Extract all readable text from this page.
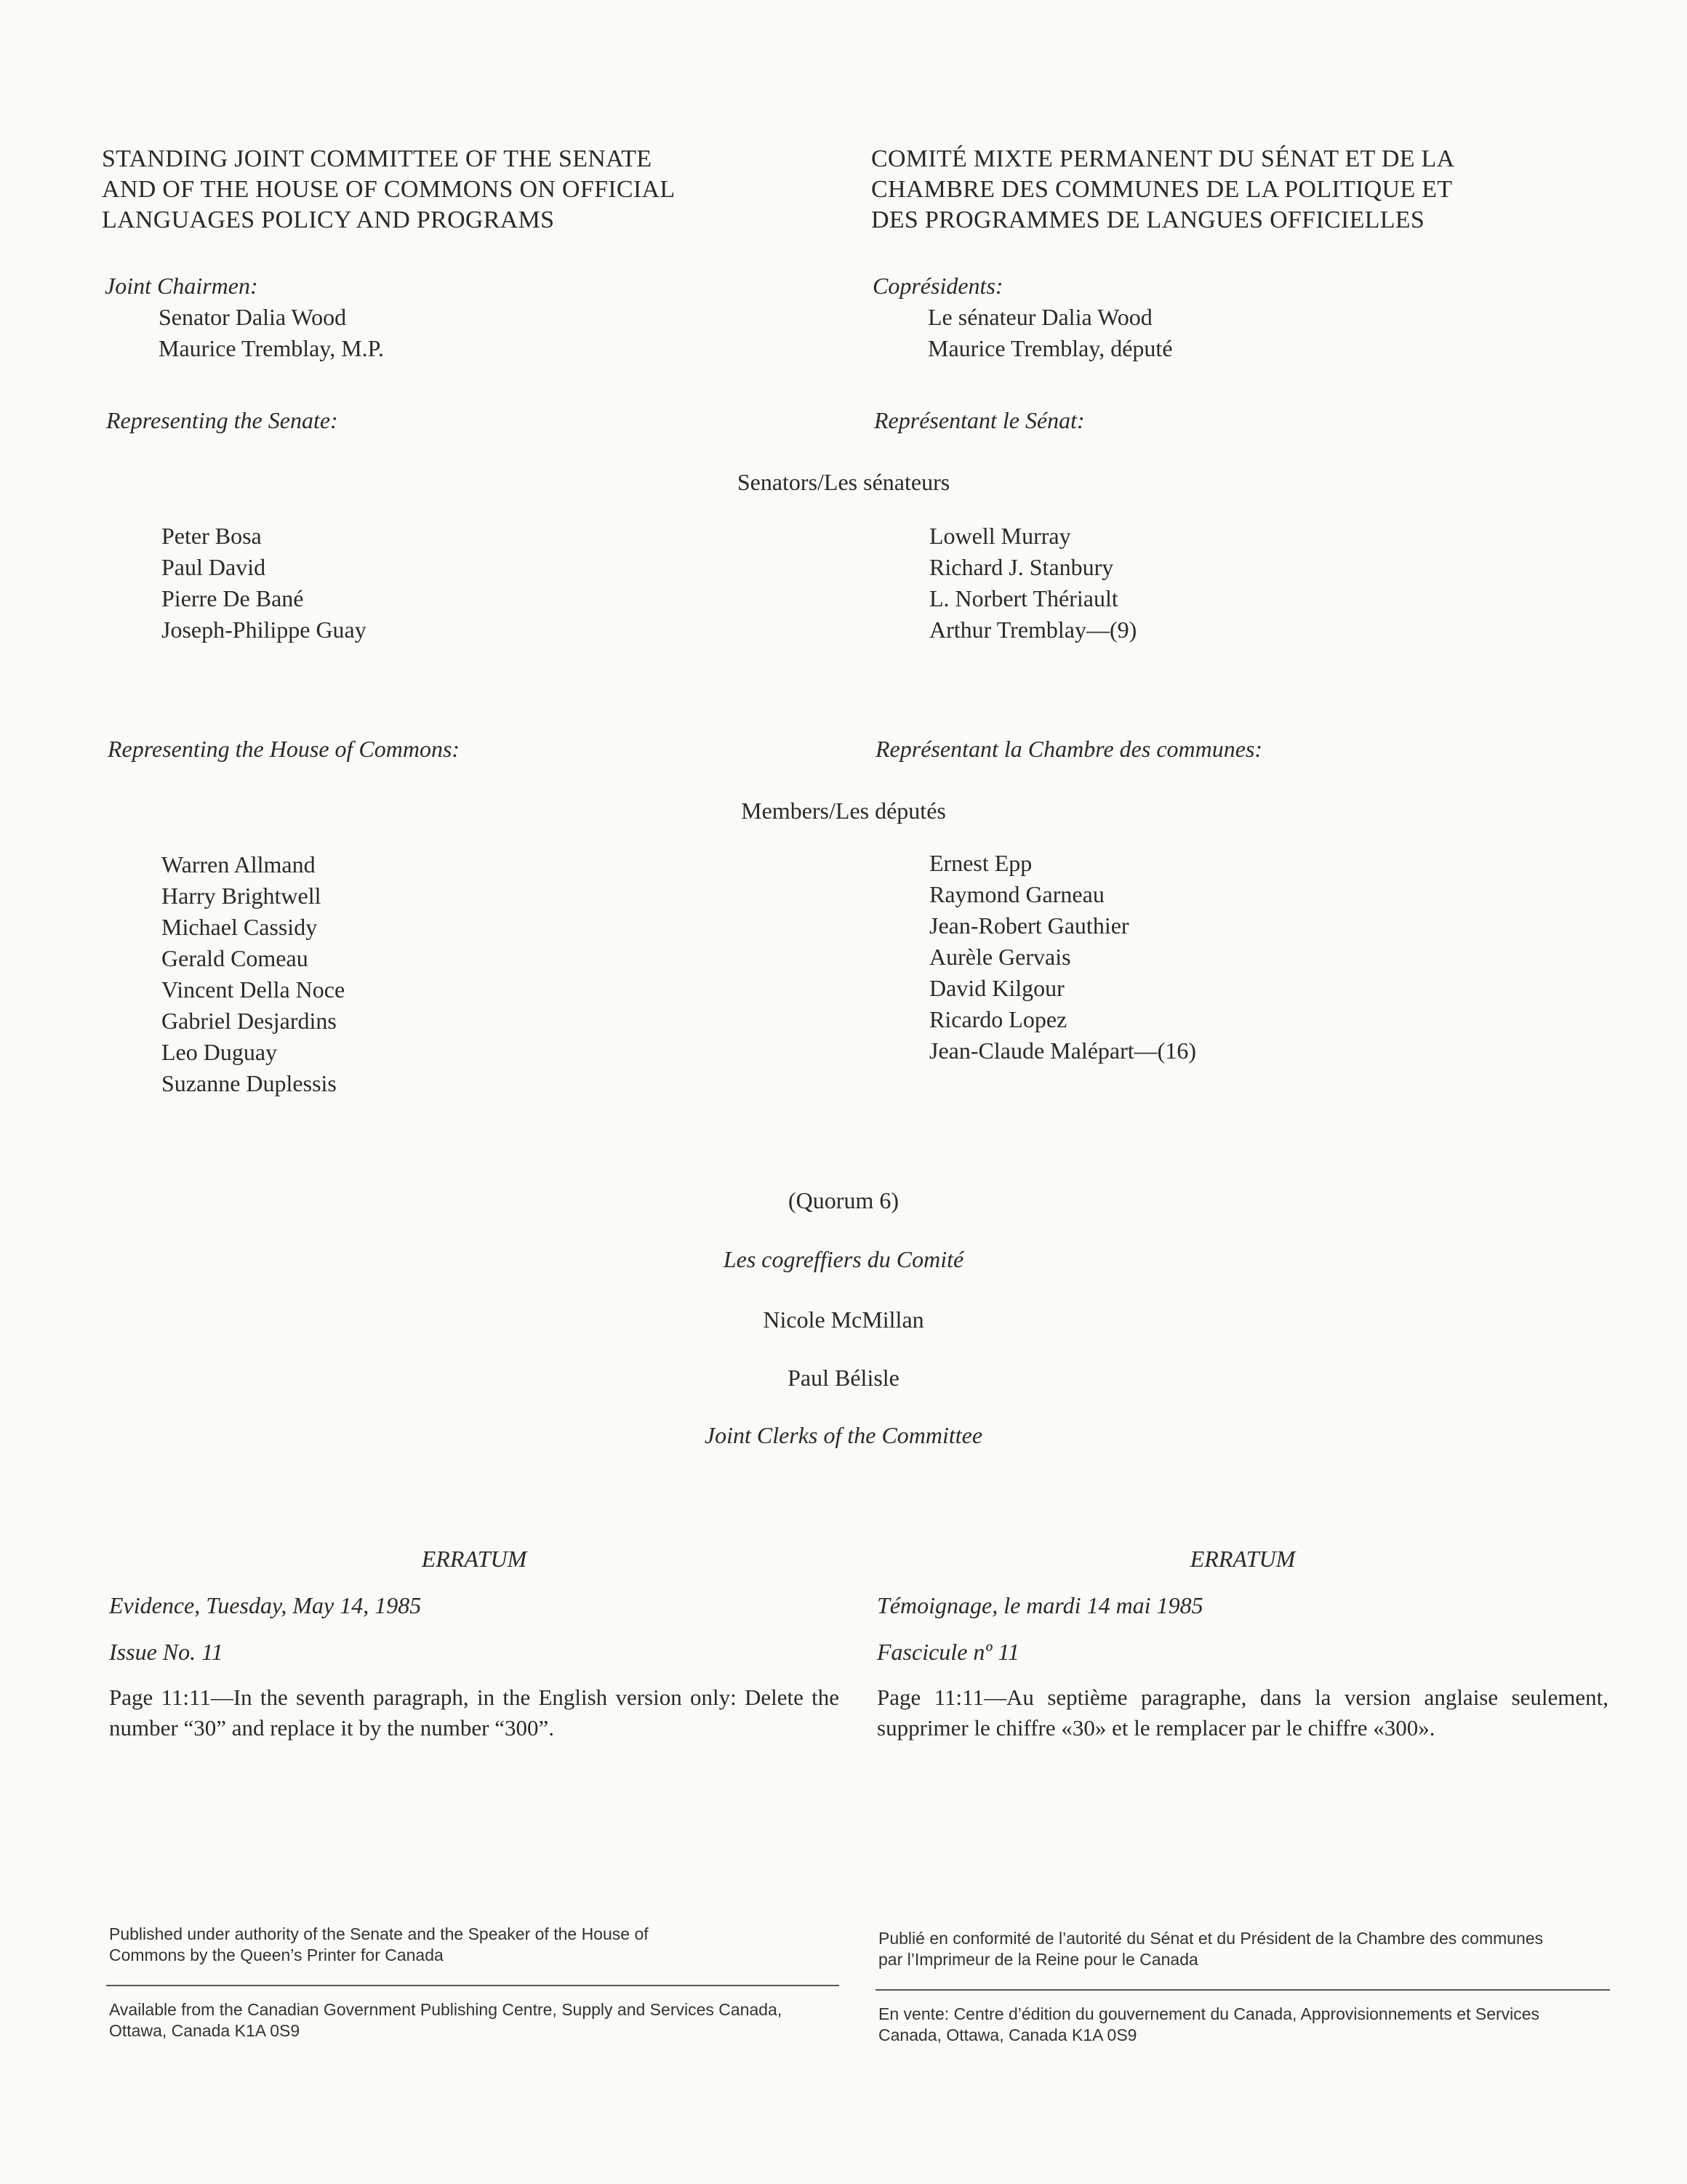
STANDING JOINT COMMITTEE OF THE SENATE
AND OF THE HOUSE OF COMMONS ON OFFICIAL
LANGUAGES POLICY AND PROGRAMS
COMITÉ MIXTE PERMANENT DU SÉNAT ET DE LA
CHAMBRE DES COMMUNES DE LA POLITIQUE ET
DES PROGRAMMES DE LANGUES OFFICIELLES
Joint Chairmen:
Senator Dalia Wood
Maurice Tremblay, M.P.
Coprésidents:
Le sénateur Dalia Wood
Maurice Tremblay, député
Representing the Senate:	Représentant le Sénat:
Senators/Les sénateurs
Peter Bosa
Paul David
Pierre De Bané
Joseph-Philippe Guay
Lowell Murray
Richard J. Stanbury
L. Norbert Thériault
Arthur Tremblay—(9)
Representing the House of Commons:	Représentant la Chambre des communes:
Members/Les députés
Warren Allmand
Harry Brightwell
Michael Cassidy
Gerald Comeau
Vincent Della Noce
Gabriel Desjardins
Leo Duguay
Suzanne Duplessis
Ernest Epp
Raymond Garneau
Jean-Robert Gauthier
Aurèle Gervais
David Kilgour
Ricardo Lopez
Jean-Claude Malépart—(16)
(Quorum 6)
Les cogreffiers du Comité
Nicole McMillan
Paul Bélisle
Joint Clerks of the Committee
ERRATUM
Evidence, Tuesday, May 14, 1985
Issue No. 11
Page 11:11—In the seventh paragraph, in the English version only: Delete the number “30” and replace it by the number “300”.
ERRATUM
Témoignage, le mardi 14 mai 1985
Fascicule nº 11
Page 11:11—Au septième paragraphe, dans la version anglaise seulement, supprimer le chiffre «30» et le remplacer par le chiffre «300».
Published under authority of the Senate and the Speaker of the House of Commons by the Queen’s Printer for Canada
Publié en conformité de l’autorité du Sénat et du Président de la Chambre des communes par l’Imprimeur de la Reine pour le Canada
Available from the Canadian Government Publishing Centre, Supply and Services Canada, Ottawa, Canada K1A 0S9
En vente: Centre d’édition du gouvernement du Canada, Approvisionnements et Services Canada, Ottawa, Canada K1A 0S9
